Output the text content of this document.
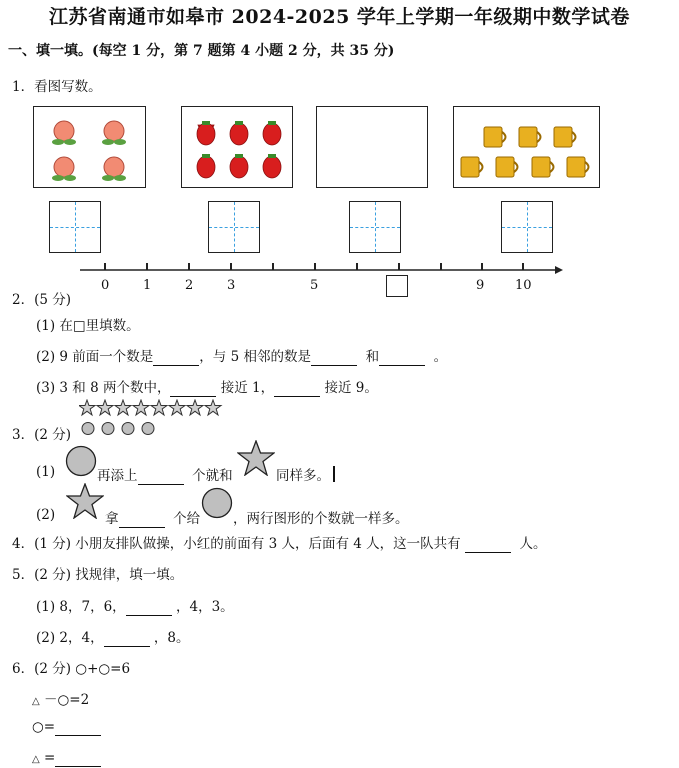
江苏省南通市如皋市 2024-2025 学年上学期一年级期中数学试卷
一、填一填。(每空 1 分，第 7 题第 4 小题 2 分，共 35 分)
1．看图写数。
0	1	2	3	5	9 10
2．(5 分)
(1) 在□里填数。
(2) 9 前面一个数是	，与 5 相邻的数是	和	。
(3) 3 和 8 两个数中，	接近 1，	接近 9。
3．(2 分)
(1)	再添上	个就和	同样多。
(2)	拿	个给 ，两行图形的个数就一样多。
4．(1 分) 小朋友排队做操，小红的前面有 3 人，后面有 4 人，这一队共有	人。
5．(2 分) 找规律，填一填。
(1) 8，7，6，	，4，3。
(2) 2，4，	，8。
6．(2 分) ○+○=6
△ －○=2
○=
△ =
